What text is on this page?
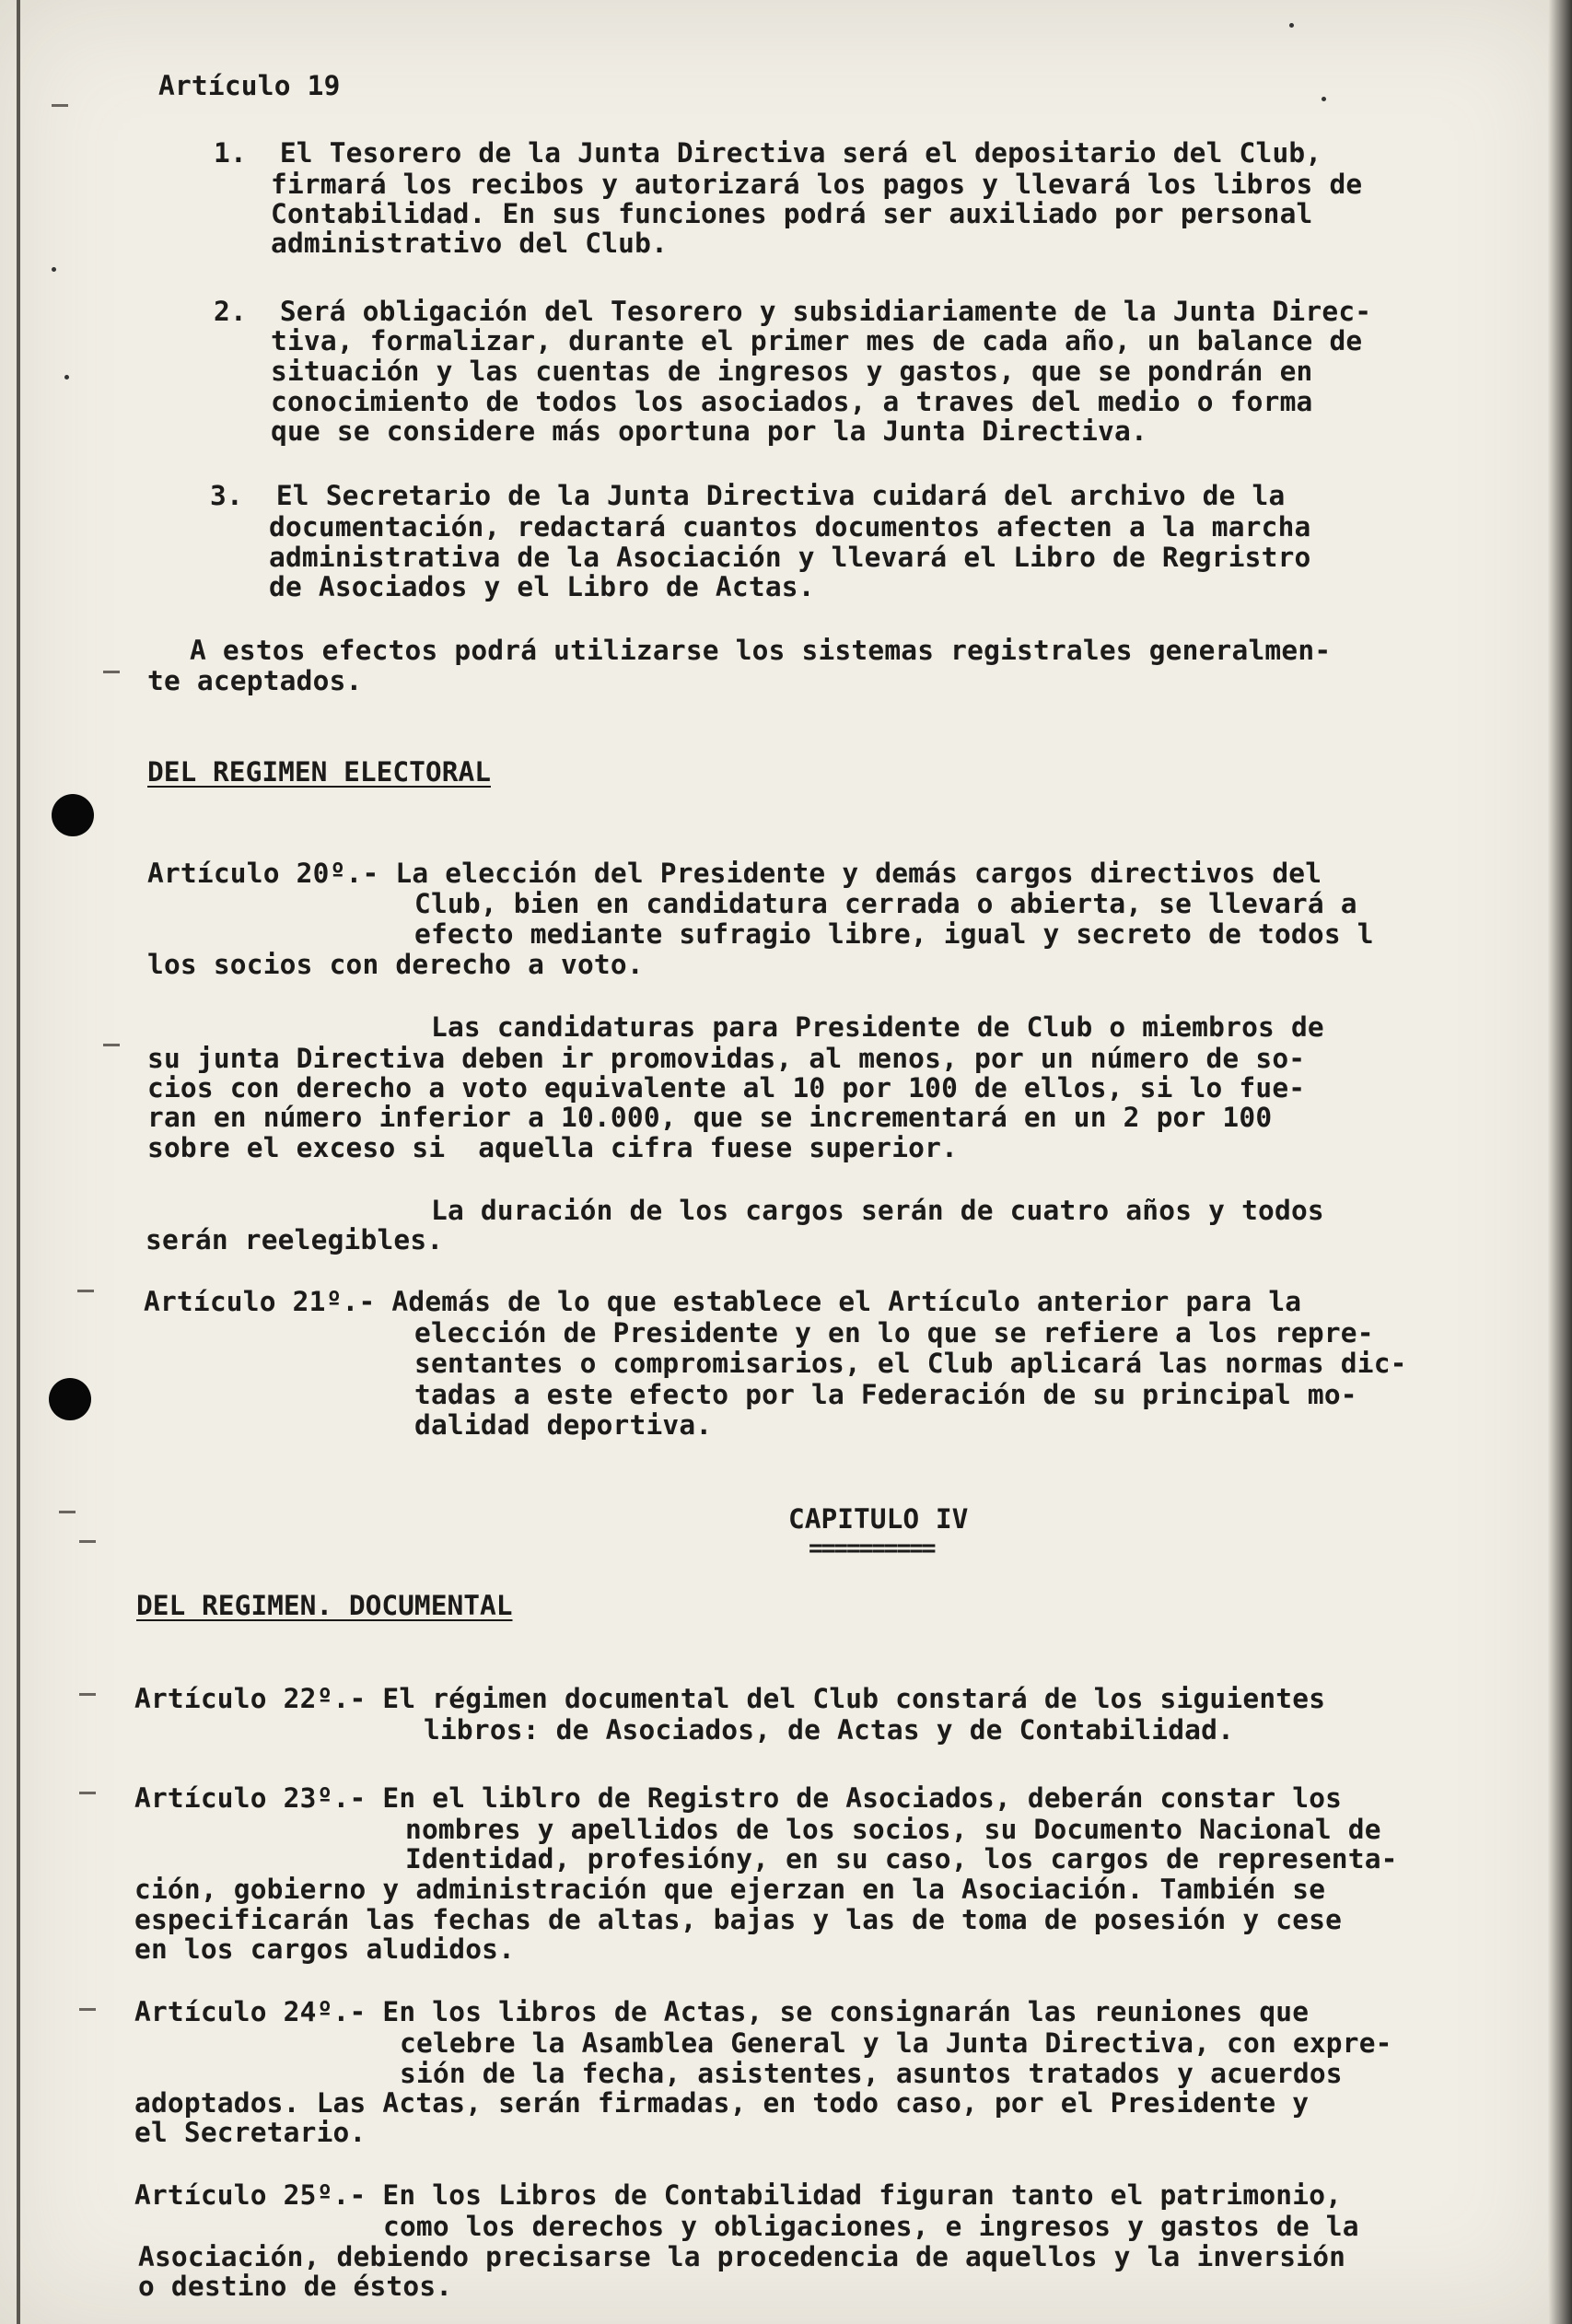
Artículo 19

1.  El Tesorero de la Junta Directiva será el depositario del Club,

firmará los recibos y autorizará los pagos y llevará los libros de

Contabilidad. En sus funciones podrá ser auxiliado por personal

administrativo del Club.

2.  Será obligación del Tesorero y subsidiariamente de la Junta Direc-

tiva, formalizar, durante el primer mes de cada año, un balance de

situación y las cuentas de ingresos y gastos, que se pondrán en

conocimiento de todos los asociados, a traves del medio o forma

que se considere más oportuna por la Junta Directiva.

3.  El Secretario de la Junta Directiva cuidará del archivo de la

documentación, redactará cuantos documentos afecten a la marcha

administrativa de la Asociación y llevará el Libro de Regristro

de Asociados y el Libro de Actas.

A estos efectos podrá utilizarse los sistemas registrales generalmen-

te aceptados.

DEL REGIMEN ELECTORAL

Artículo 20º.- La elección del Presidente y demás cargos directivos del

Club, bien en candidatura cerrada o abierta, se llevará a

efecto mediante sufragio libre, igual y secreto de todos l

los socios con derecho a voto.

Las candidaturas para Presidente de Club o miembros de

su junta Directiva deben ir promovidas, al menos, por un número de so-

cios con derecho a voto equivalente al 10 por 100 de ellos, si lo fue-

ran en número inferior a 10.000, que se incrementará en un 2 por 100

sobre el exceso si  aquella cifra fuese superior.

La duración de los cargos serán de cuatro años y todos

serán reelegibles.

Artículo 21º.- Además de lo que establece el Artículo anterior para la

elección de Presidente y en lo que se refiere a los repre-

sentantes o compromisarios, el Club aplicará las normas dic-

tadas a este efecto por la Federación de su principal mo-

dalidad deportiva.

CAPITULO IV

==========

DEL REGIMEN. DOCUMENTAL

Artículo 22º.- El régimen documental del Club constará de los siguientes

libros: de Asociados, de Actas y de Contabilidad.

Artículo 23º.- En el liblro de Registro de Asociados, deberán constar los

nombres y apellidos de los socios, su Documento Nacional de

Identidad, profesióny, en su caso, los cargos de representa-

ción, gobierno y administración que ejerzan en la Asociación. También se

especificarán las fechas de altas, bajas y las de toma de posesión y cese

en los cargos aludidos.

Artículo 24º.- En los libros de Actas, se consignarán las reuniones que

celebre la Asamblea General y la Junta Directiva, con expre-

sión de la fecha, asistentes, asuntos tratados y acuerdos

adoptados. Las Actas, serán firmadas, en todo caso, por el Presidente y

el Secretario.

Artículo 25º.- En los Libros de Contabilidad figuran tanto el patrimonio,

como los derechos y obligaciones, e ingresos y gastos de la

Asociación, debiendo precisarse la procedencia de aquellos y la inversión

o destino de éstos.
